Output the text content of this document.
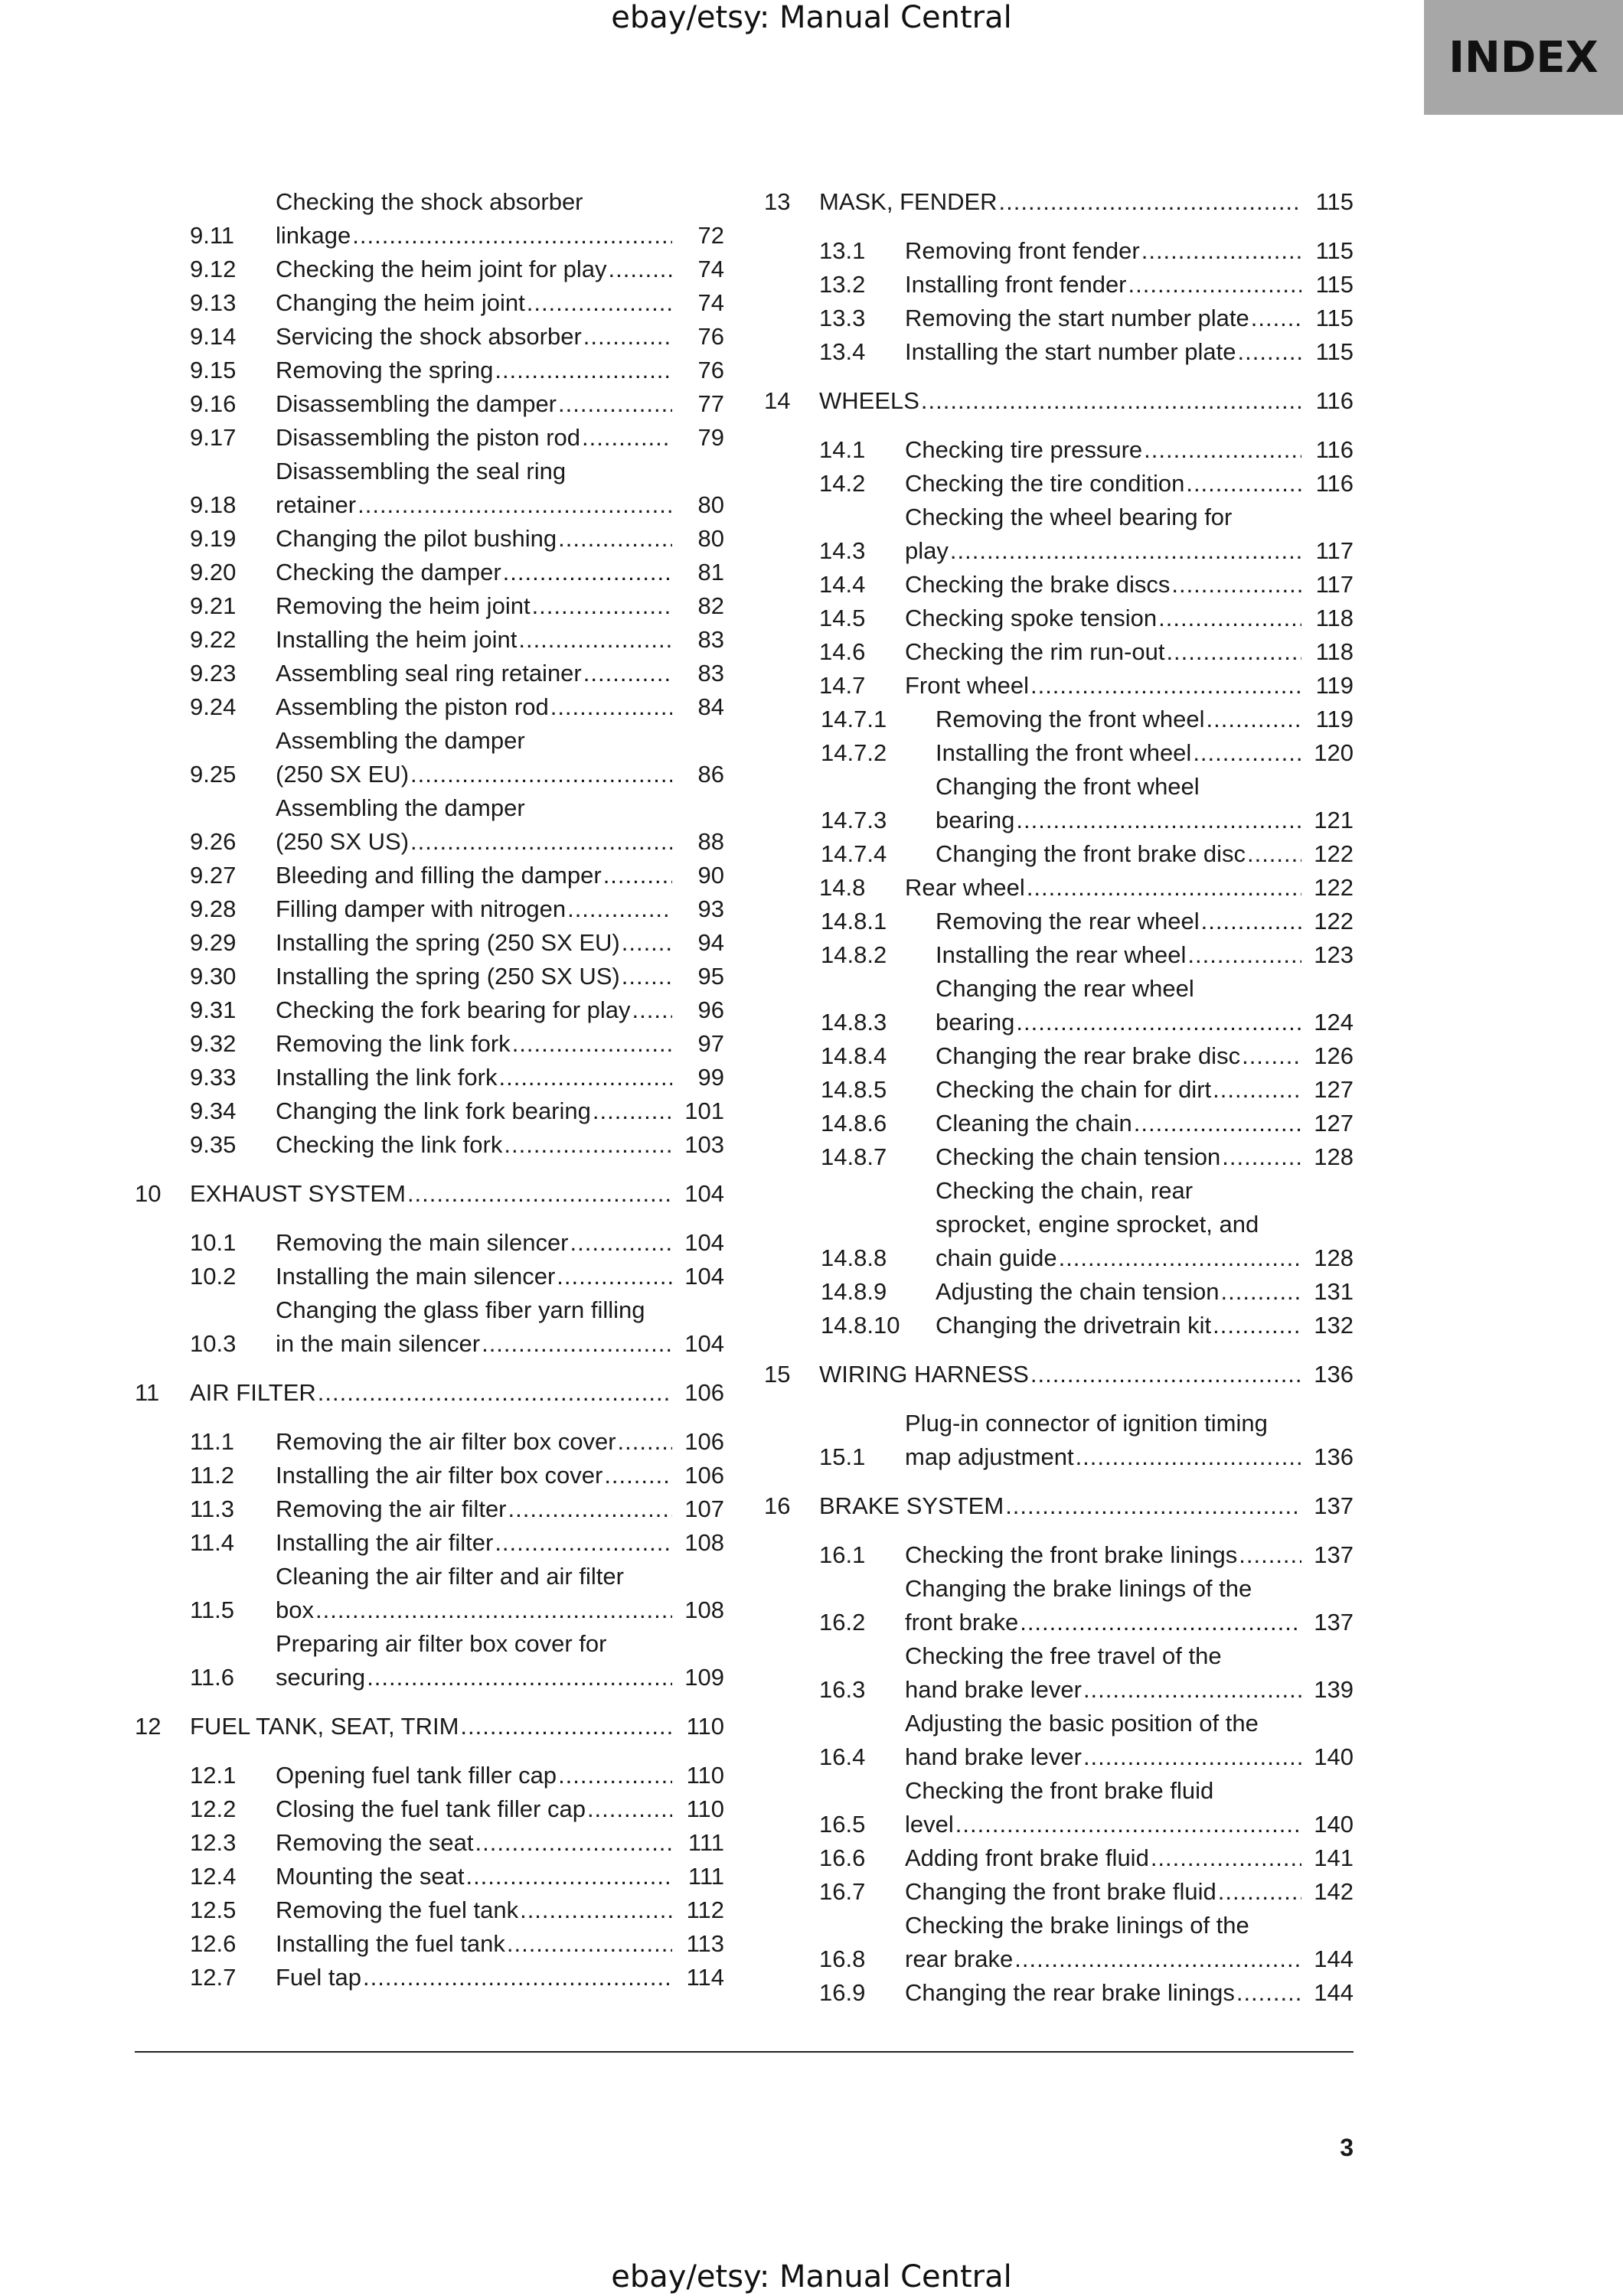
ebay/etsy: Manual Central
INDEX
9.11
Checking the shock absorber
linkage .....	72
9.12	Checking the heim joint for play .....	74
9.13	Changing the heim joint .....	74
9.14	Servicing the shock absorber .....	76
9.15	Removing the spring .....	76
9.16	Disassembling the damper .....	77
9.17	Disassembling the piston rod .....	79
9.18
Disassembling the seal ring
retainer .....	80
9.19	Changing the pilot bushing .....	80
9.20	Checking the damper .....	81
9.21	Removing the heim joint .....	82
9.22	Installing the heim joint .....	83
9.23	Assembling seal ring retainer .....	83
9.24	Assembling the piston rod .....	84
9.25
Assembling the damper
(250 SX EU) .....	86
9.26
Assembling the damper
(250 SX US) .....	88
9.27	Bleeding and filling the damper .....	90
9.28	Filling damper with nitrogen .....	93
9.29	Installing the spring (250 SX EU) .....	94
9.30	Installing the spring (250 SX US) .....	95
9.31	Checking the fork bearing for play .....	96
9.32	Removing the link fork .....	97
9.33	Installing the link fork .....	99
9.34	Changing the link fork bearing .....	101
9.35	Checking the link fork .....	103
10	EXHAUST SYSTEM .....	104
10.1	Removing the main silencer .....	104
10.2	Installing the main silencer .....	104
10.3
Changing the glass fiber yarn filling
in the main silencer .....	104
11	AIR FILTER .....	106
11.1	Removing the air filter box cover .....	106
11.2	Installing the air filter box cover .....	106
11.3	Removing the air filter .....	107
11.4	Installing the air filter .....	108
11.5
Cleaning the air filter and air filter
box .....	108
11.6
Preparing air filter box cover for
securing .....	109
12	FUEL TANK, SEAT, TRIM .....	110
12.1	Opening fuel tank filler cap .....	110
12.2	Closing the fuel tank filler cap .....	110
12.3	Removing the seat .....	111
12.4	Mounting the seat .....	111
12.5	Removing the fuel tank .....	112
12.6	Installing the fuel tank .....	113
12.7	Fuel tap .....	114
13	MASK, FENDER .....	115
13.1	Removing front fender .....	115
13.2	Installing front fender .....	115
13.3	Removing the start number plate .....	115
13.4	Installing the start number plate .....	115
14	WHEELS .....	116
14.1	Checking tire pressure .....	116
14.2	Checking the tire condition .....	116
14.3
Checking the wheel bearing for
play .....	117
14.4	Checking the brake discs .....	117
14.5	Checking spoke tension .....	118
14.6	Checking the rim run-out .....	118
14.7	Front wheel .....	119
14.7.1	Removing the front wheel .....	119
14.7.2	Installing the front wheel .....	120
14.7.3
Changing the front wheel
bearing .....	121
14.7.4	Changing the front brake disc .....	122
14.8	Rear wheel .....	122
14.8.1	Removing the rear wheel .....	122
14.8.2	Installing the rear wheel .....	123
14.8.3
Changing the rear wheel
bearing .....	124
14.8.4	Changing the rear brake disc .....	126
14.8.5	Checking the chain for dirt .....	127
14.8.6	Cleaning the chain .....	127
14.8.7	Checking the chain tension .....	128
14.8.8
Checking the chain, rear
sprocket, engine sprocket, and
chain guide .....	128
14.8.9	Adjusting the chain tension .....	131
14.8.10	Changing the drivetrain kit .....	132
15	WIRING HARNESS .....	136
15.1
Plug-in connector of ignition timing
map adjustment .....	136
16	BRAKE SYSTEM .....	137
16.1	Checking the front brake linings .....	137
16.2
Changing the brake linings of the
front brake .....	137
16.3
Checking the free travel of the
hand brake lever .....	139
16.4
Adjusting the basic position of the
hand brake lever .....	140
16.5
Checking the front brake fluid
level .....	140
16.6	Adding front brake fluid .....	141
16.7	Changing the front brake fluid .....	142
16.8
Checking the brake linings of the
rear brake .....	144
16.9	Changing the rear brake linings .....	144
3
ebay/etsy: Manual Central
